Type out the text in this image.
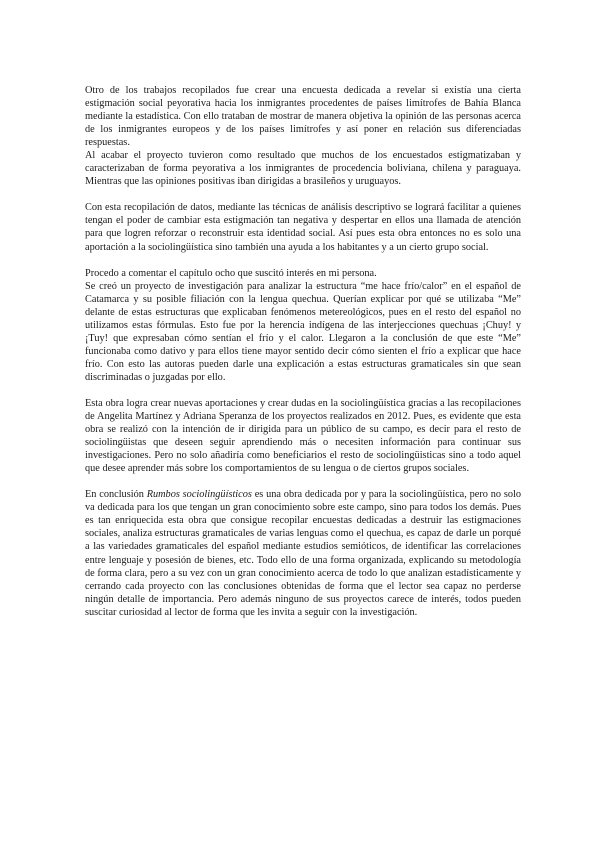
Otro de los trabajos recopilados fue crear una encuesta dedicada a revelar si existía una cierta estigmación social peyorativa hacia los inmigrantes procedentes de países limítrofes de Bahía Blanca mediante la estadística. Con ello trataban de mostrar de manera objetiva la opinión de las personas acerca de los inmigrantes europeos y de los países limítrofes y así poner en relación sus diferenciadas respuestas.

Al acabar el proyecto tuvieron como resultado que muchos de los encuestados estigmatizaban y caracterizaban de forma peyorativa a los inmigrantes de procedencia boliviana, chilena y paraguaya. Mientras que las opiniones positivas iban dirigidas a brasileños y uruguayos.

Con esta recopilación de datos, mediante las técnicas de análisis descriptivo se logrará facilitar a quienes tengan el poder de cambiar esta estigmación tan negativa y despertar en ellos una llamada de atención para que logren reforzar o reconstruir esta identidad social. Así pues esta obra entonces no es solo una aportación a la sociolingüística sino también una ayuda a los habitantes y a un cierto grupo social.

Procedo a comentar el capítulo ocho que suscitó interés en mi persona.

Se creó un proyecto de investigación para analizar la estructura “me hace frío/calor” en el español de Catamarca y su posible filiación con la lengua quechua. Querían explicar por qué se utilizaba “Me” delante de estas estructuras que explicaban fenómenos metereológicos, pues en el resto del español no utilizamos estas fórmulas. Esto fue por la herencia indígena de las interjecciones quechuas ¡Chuy! y ¡Tuy! que expresaban cómo sentían el frío y el calor. Llegaron a la conclusión de que este “Me” funcionaba como dativo y para ellos tiene mayor sentido decir cómo sienten el frío a explicar que hace frío. Con esto las autoras pueden darle una explicación a estas estructuras gramaticales sin que sean discriminadas o juzgadas por ello.

Esta obra logra crear nuevas aportaciones y crear dudas en la sociolingüística gracias a las recopilaciones de Angelita Martínez y Adriana Speranza de los proyectos realizados en 2012. Pues, es evidente que esta obra se realizó con la intención de ir dirigida para un público de su campo, es decir para el resto de sociolingüistas que deseen seguir aprendiendo más o necesiten información para continuar sus investigaciones. Pero no solo añadiría como beneficiarios el resto de sociolingüisticas sino a todo aquel que desee aprender más sobre los comportamientos de su lengua o de ciertos grupos sociales.

En conclusión Rumbos sociolingüísticos es una obra dedicada por y para la sociolingüística, pero no solo va dedicada para los que tengan un gran conocimiento sobre este campo, sino para todos los demás. Pues es tan enriquecida esta obra que consigue recopilar encuestas dedicadas a destruir las estigmaciones sociales, analiza estructuras gramaticales de varias lenguas como el quechua, es capaz de darle un porqué a las variedades gramaticales del español mediante estudios semióticos, de identificar las correlaciones entre lenguaje y posesión de bienes, etc. Todo ello de una forma organizada, explicando su metodología de forma clara, pero a su vez con un gran conocimiento acerca de todo lo que analizan estadísticamente y cerrando cada proyecto con las conclusiones obtenidas de forma que el lector sea capaz no perderse ningún detalle de importancia. Pero además ninguno de sus proyectos carece de interés, todos pueden suscitar curiosidad al lector de forma que les invita a seguir con la investigación.
